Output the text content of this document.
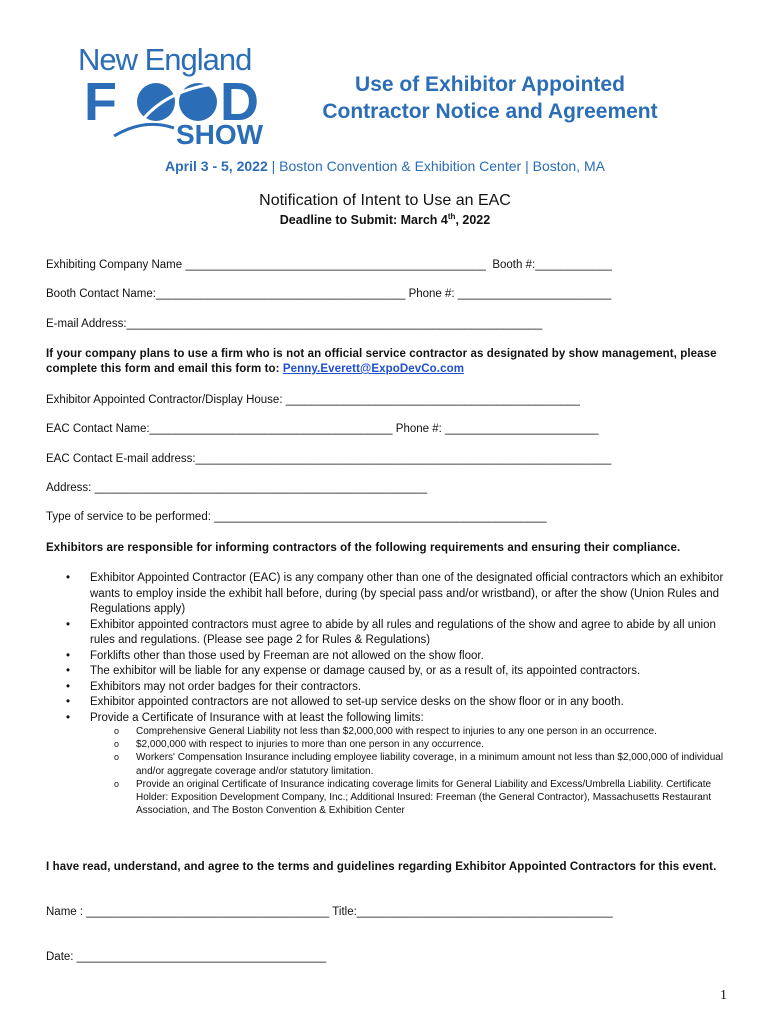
New England
F D
SHOW
Use of Exhibitor Appointed
Contractor Notice and Agreement
April 3 - 5, 2022 | Boston Convention & Exhibition Center | Boston, MA
Notification of Intent to Use an EAC
Deadline to Submit: March 4th, 2022
Exhibiting Company Name _______________________________________________  Booth #:____________
Booth Contact Name:_______________________________________ Phone #: ________________________
E-mail Address:_________________________________________________________________
If your company plans to use a firm who is not an official service contractor as designated by show management, please complete this form and email this form to: Penny.Everett@ExpoDevCo.com
Exhibitor Appointed Contractor/Display House: ______________________________________________
EAC Contact Name:______________________________________ Phone #: ________________________
EAC Contact E-mail address:_________________________________________________________________
Address: ____________________________________________________
Type of service to be performed: ____________________________________________________
Exhibitors are responsible for informing contractors of the following requirements and ensuring their compliance.
• Exhibitor Appointed Contractor (EAC) is any company other than one of the designated official contractors which an exhibitor wants to employ inside the exhibit hall before, during (by special pass and/or wristband), or after the show (Union Rules and Regulations apply)
• Exhibitor appointed contractors must agree to abide by all rules and regulations of the show and agree to abide by all union rules and regulations. (Please see page 2 for Rules & Regulations)
• Forklifts other than those used by Freeman are not allowed on the show floor.
• The exhibitor will be liable for any expense or damage caused by, or as a result of, its appointed contractors.
• Exhibitors may not order badges for their contractors.
• Exhibitor appointed contractors are not allowed to set-up service desks on the show floor or in any booth.
• Provide a Certificate of Insurance with at least the following limits:
o Comprehensive General Liability not less than $2,000,000 with respect to injuries to any one person in an occurrence.
o $2,000,000 with respect to injuries to more than one person in any occurrence.
o Workers' Compensation Insurance including employee liability coverage, in a minimum amount not less than $2,000,000 of individual and/or aggregate coverage and/or statutory limitation.
o Provide an original Certificate of Insurance indicating coverage limits for General Liability and Excess/Umbrella Liability. Certificate Holder: Exposition Development Company, Inc.; Additional Insured: Freeman (the General Contractor), Massachusetts Restaurant Association, and The Boston Convention & Exhibition Center
I have read, understand, and agree to the terms and guidelines regarding Exhibitor Appointed Contractors for this event.
Name : ______________________________________ Title:________________________________________
Date: _______________________________________
1
